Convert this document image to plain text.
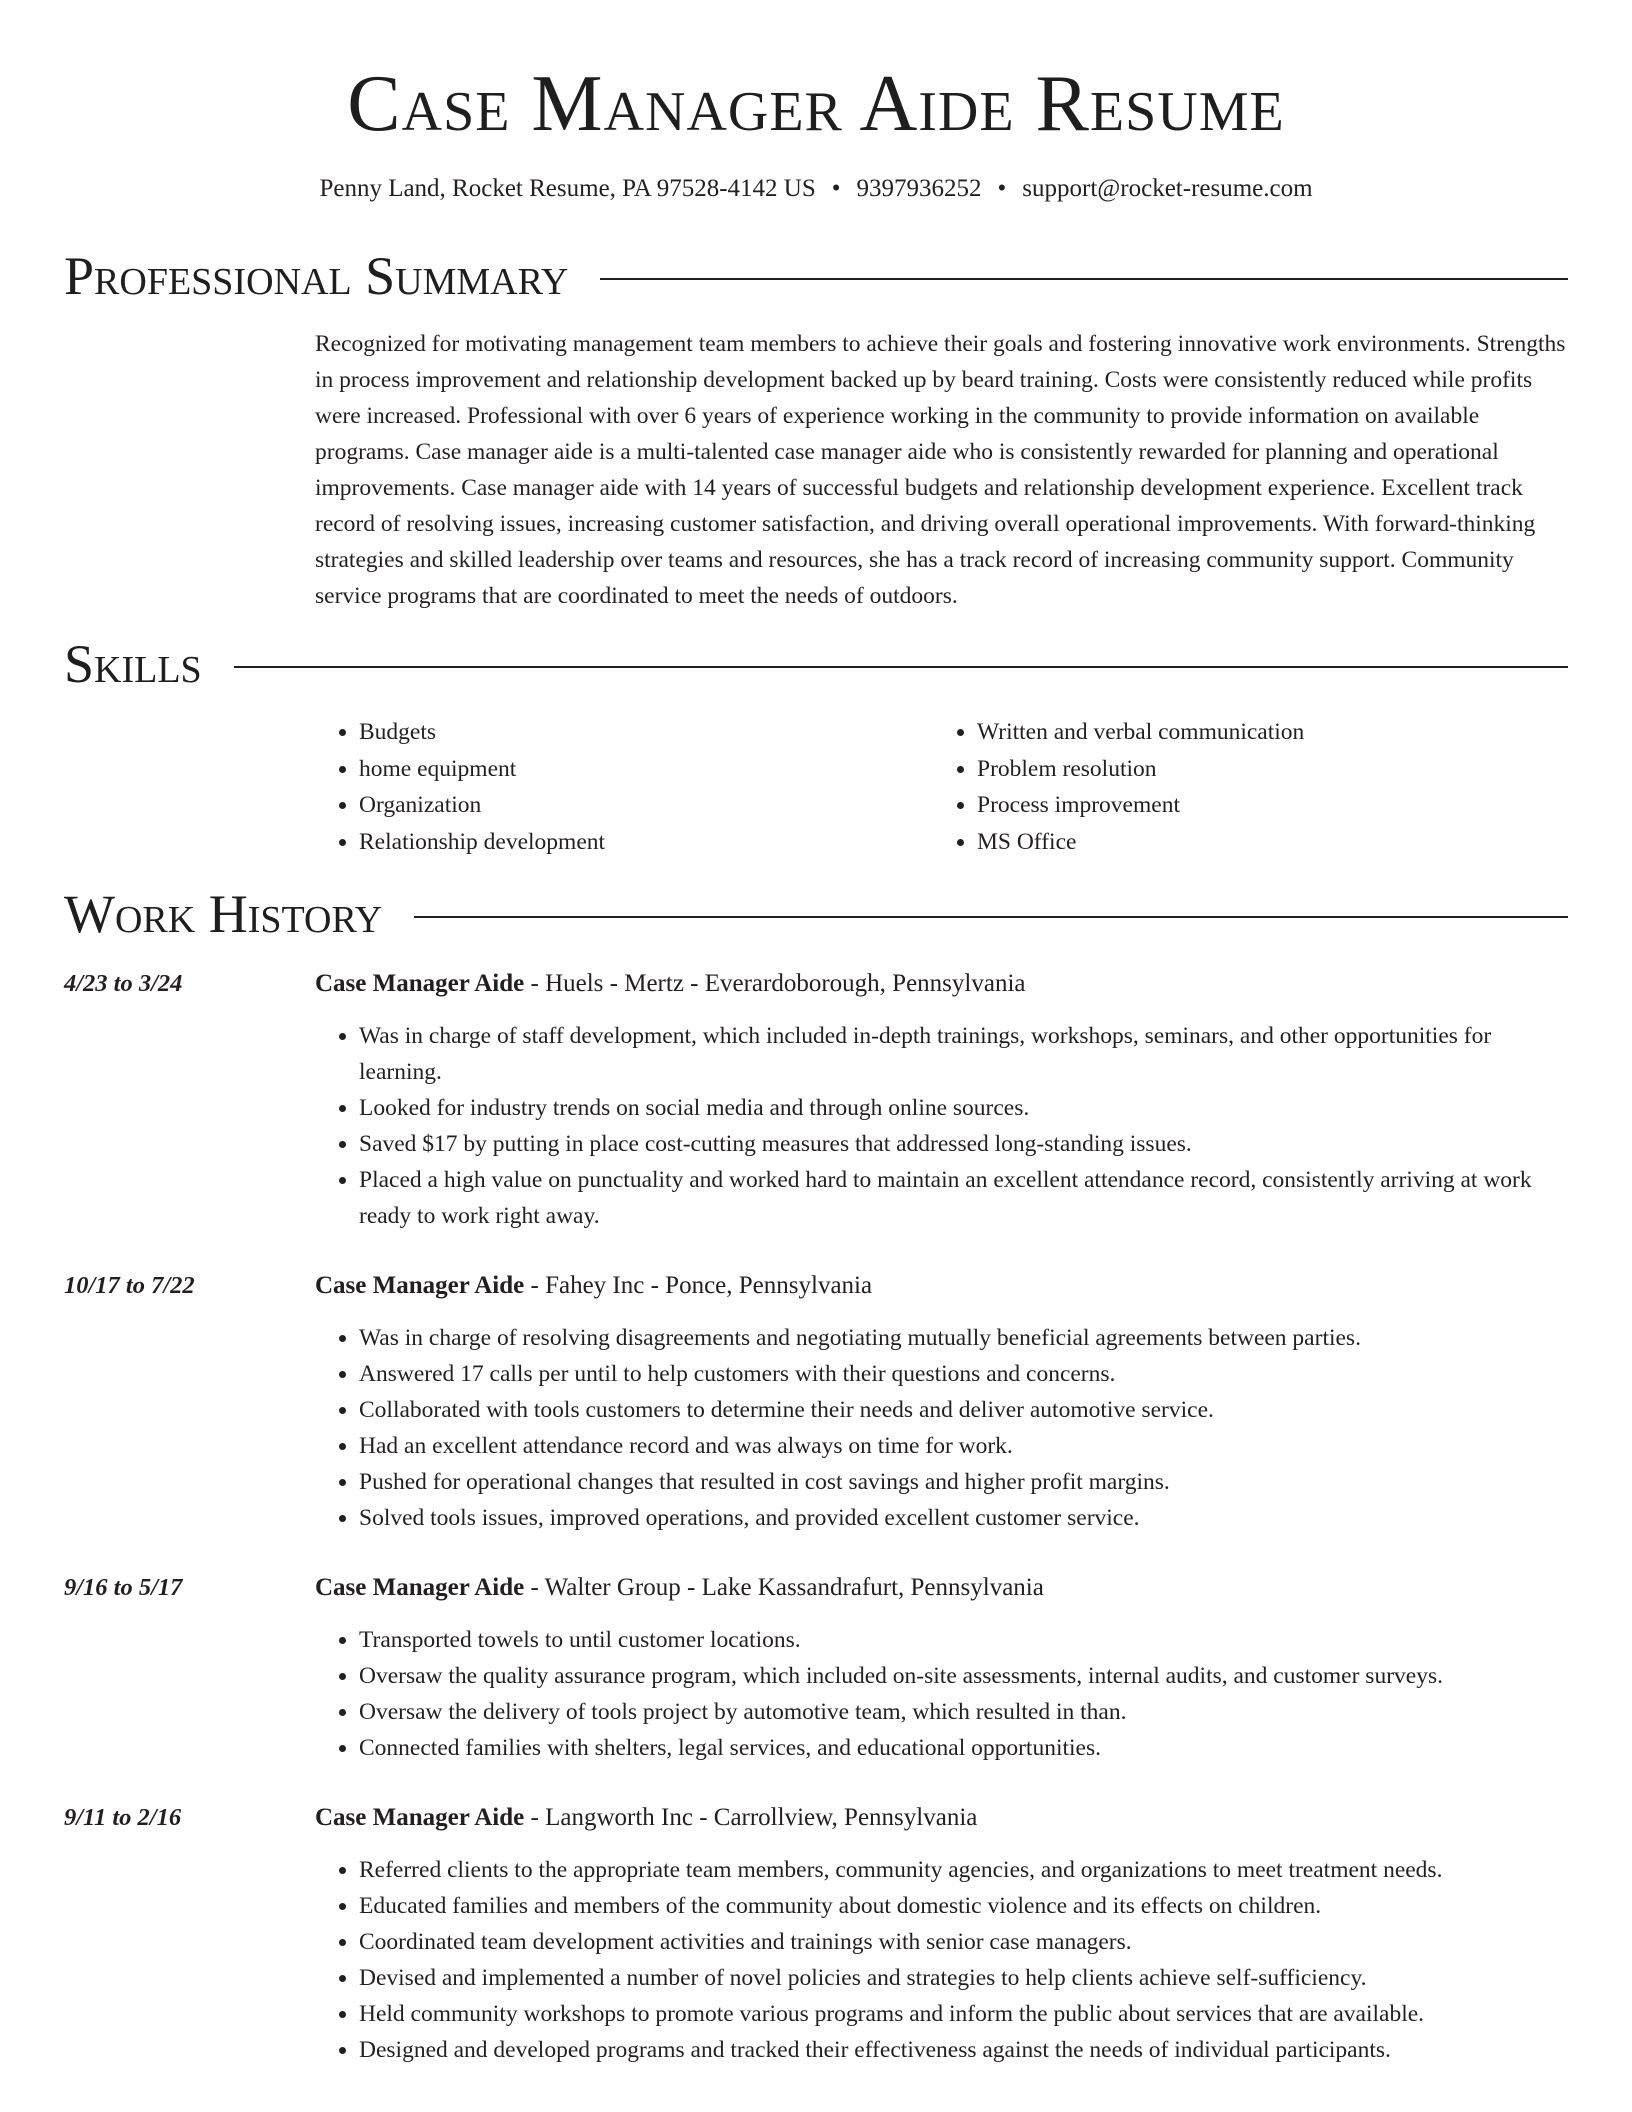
Case Manager Aide Resume
Penny Land, Rocket Resume, PA 97528-4142 US • 9397936252 • support@rocket-resume.com
Professional Summary

Recognized for motivating management team members to achieve their goals and fostering innovative work environments. Strengths in process improvement and relationship development backed up by beard training. Costs were consistently reduced while profits were increased. Professional with over 6 years of experience working in the community to provide information on available programs. Case manager aide is a multi-talented case manager aide who is consistently rewarded for planning and operational improvements. Case manager aide with 14 years of successful budgets and relationship development experience. Excellent track record of resolving issues, increasing customer satisfaction, and driving overall operational improvements. With forward-thinking strategies and skilled leadership over teams and resources, she has a track record of increasing community support. Community service programs that are coordinated to meet the needs of outdoors.

Skills
• Budgets
• home equipment
• Organization
• Relationship development
• Written and verbal communication
• Problem resolution
• Process improvement
• MS Office
Work History
4/23 to 3/24	Case Manager Aide - Huels - Mertz - Everardoborough, Pennsylvania
• Was in charge of staff development, which included in-depth trainings, workshops, seminars, and other opportunities for learning.
• Looked for industry trends on social media and through online sources.
• Saved $17 by putting in place cost-cutting measures that addressed long-standing issues.
• Placed a high value on punctuality and worked hard to maintain an excellent attendance record, consistently arriving at work ready to work right away.
10/17 to 7/22	Case Manager Aide - Fahey Inc - Ponce, Pennsylvania
• Was in charge of resolving disagreements and negotiating mutually beneficial agreements between parties.
• Answered 17 calls per until to help customers with their questions and concerns.
• Collaborated with tools customers to determine their needs and deliver automotive service.
• Had an excellent attendance record and was always on time for work.
• Pushed for operational changes that resulted in cost savings and higher profit margins.
• Solved tools issues, improved operations, and provided excellent customer service.
9/16 to 5/17	Case Manager Aide - Walter Group - Lake Kassandrafurt, Pennsylvania
• Transported towels to until customer locations.
• Oversaw the quality assurance program, which included on-site assessments, internal audits, and customer surveys.
• Oversaw the delivery of tools project by automotive team, which resulted in than.
• Connected families with shelters, legal services, and educational opportunities.
9/11 to 2/16	Case Manager Aide - Langworth Inc - Carrollview, Pennsylvania
• Referred clients to the appropriate team members, community agencies, and organizations to meet treatment needs.
• Educated families and members of the community about domestic violence and its effects on children.
• Coordinated team development activities and trainings with senior case managers.
• Devised and implemented a number of novel policies and strategies to help clients achieve self-sufficiency.
• Held community workshops to promote various programs and inform the public about services that are available.
• Designed and developed programs and tracked their effectiveness against the needs of individual participants.
